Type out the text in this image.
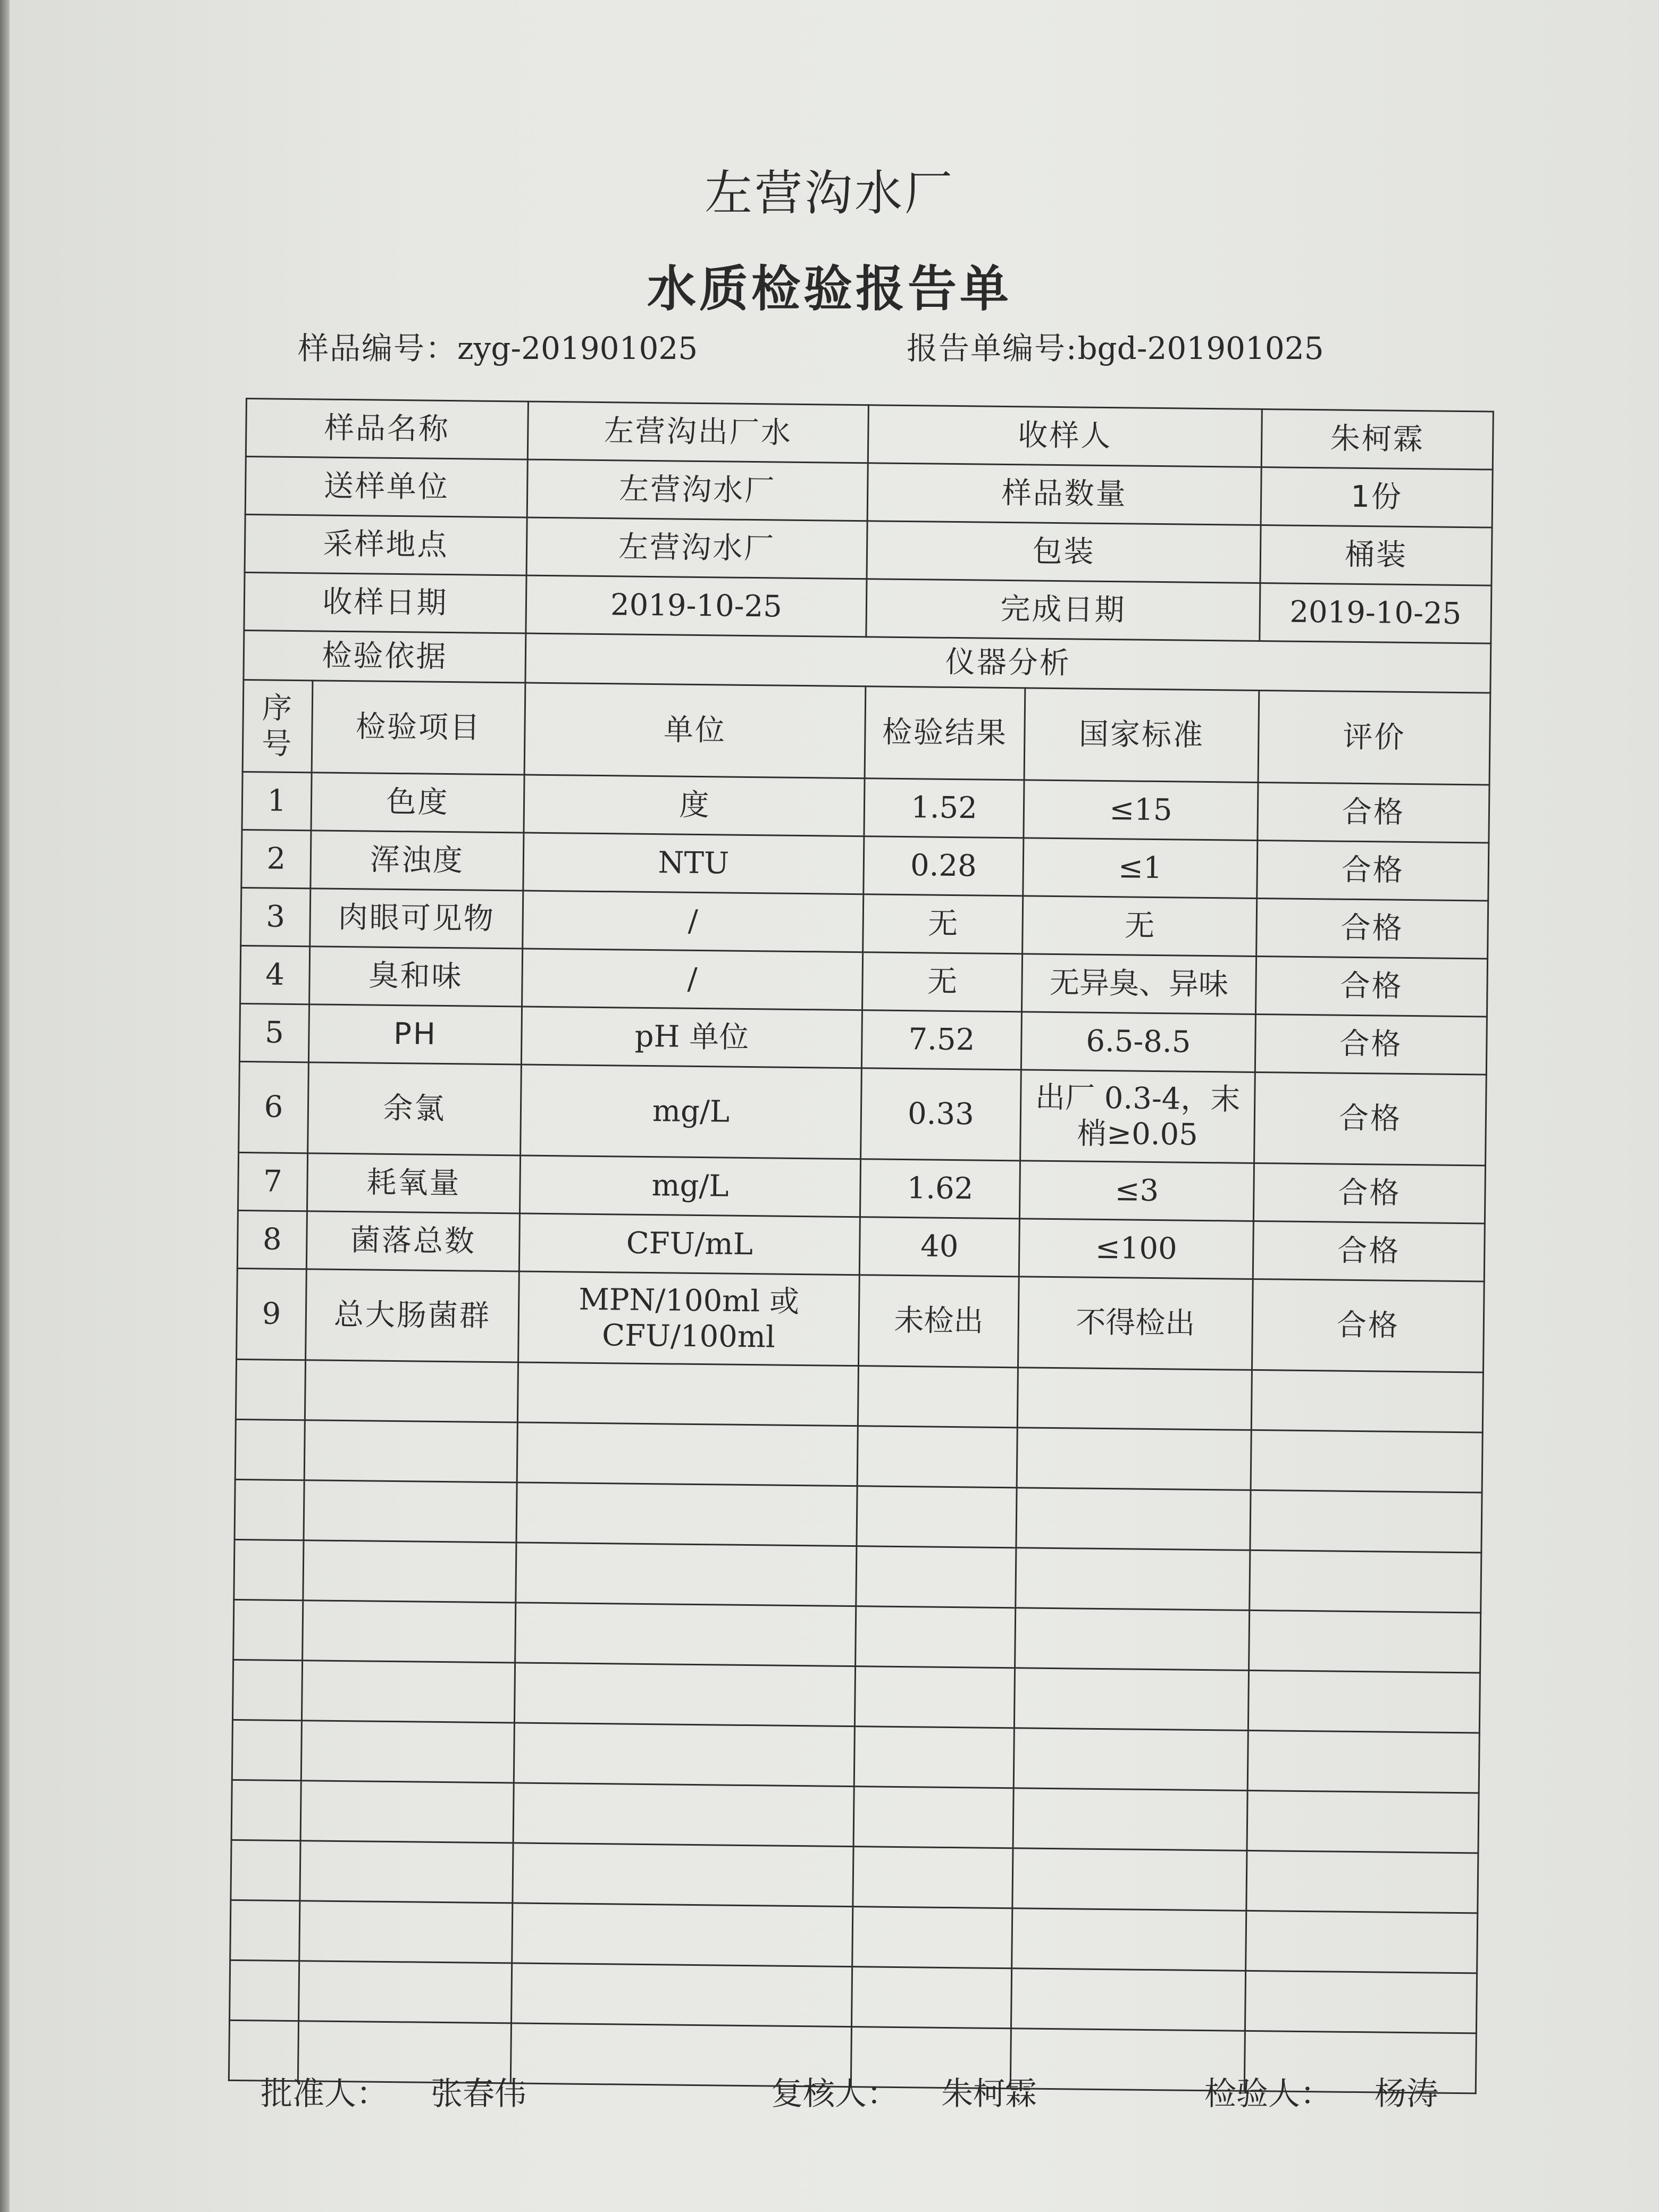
左营沟水厂
水质检验报告单
样品编号：zyg-201901025	报告单编号:bgd-201901025
样品名称		左营沟出厂水	收样人		朱柯霖
送样单位		左营沟水厂	样品数量		1份
采样地点		左营沟水厂	包装		桶装
收样日期		2019-10-25	完成日期		2019-10-25
检验依据		仪器分析			
序号	检验项目	单位	检验结果	国家标准	评价
1	色度	度	1.52	≤15	合格
2	浑浊度	NTU	0.28	≤1	合格
3	肉眼可见物	/	无	无	合格
4	臭和味	/	无	无异臭、异味	合格
5	PH	pH 单位	7.52	6.5-8.5	合格
6	余氯	mg/L	0.33	出厂 0.3-4，末梢≥0.05	合格
7	耗氧量	mg/L	1.62	≤3	合格
8	菌落总数	CFU/mL	40	≤100	合格
9	总大肠菌群	MPN/100ml 或 CFU/100ml	未检出	不得检出	合格

批准人： 张春伟	复核人： 朱柯霖	检验人： 杨涛
